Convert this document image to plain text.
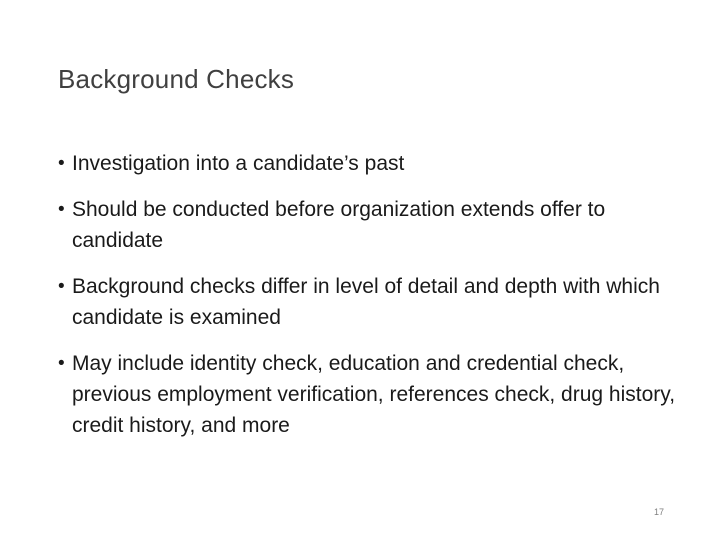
Background Checks
• Investigation into a candidate’s past
• Should be conducted before organization extends offer to candidate
• Background checks differ in level of detail and depth with which candidate is examined
• May include identity check, education and credential check, previous employment verification, references check, drug history, credit history, and more
17
